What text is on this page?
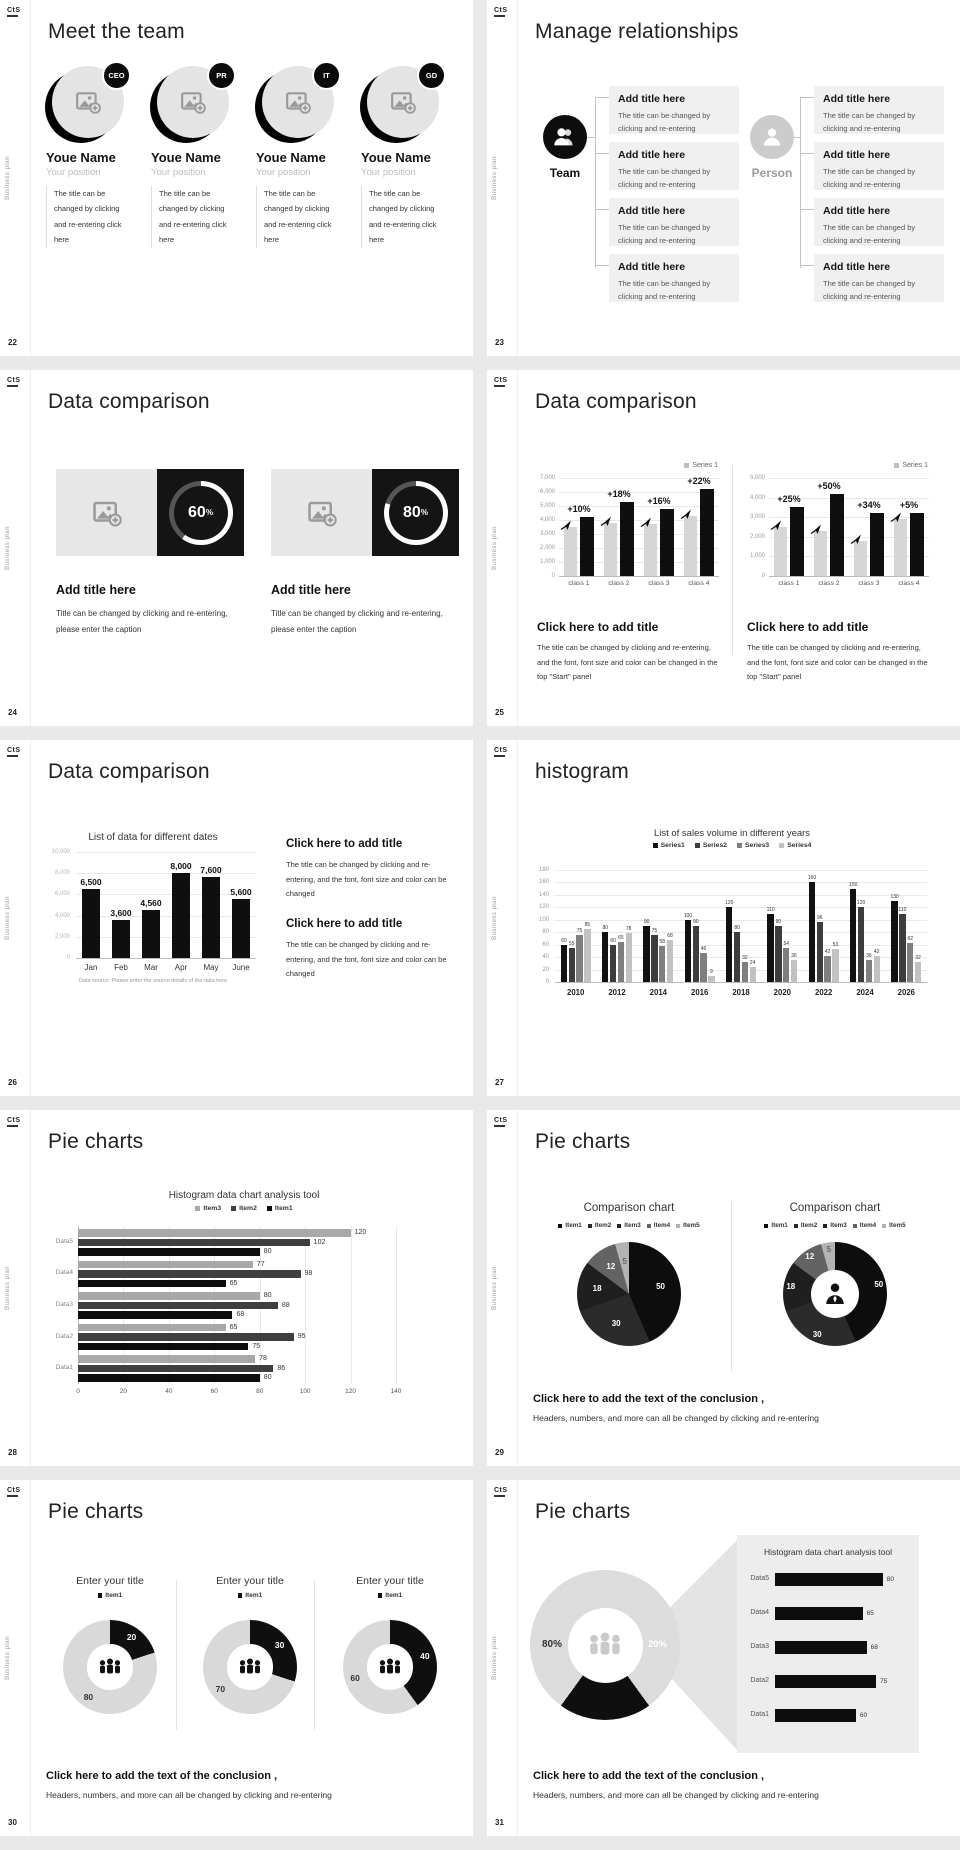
CtS
Business plan
Meet the team
CEO
Youe Name
Your position
The title can be changed by clicking and re-entering click here
PR
Youe Name
Your position
The title can be changed by clicking and re-entering click here
IT
Youe Name
Your position
The title can be changed by clicking and re-entering click here
GD
Youe Name
Your position
The title can be changed by clicking and re-entering click here
22
CtS
Business plan
Manage relationships
Team
Add title here
The title can be changed by clicking and re-entering
Add title here
The title can be changed by clicking and re-entering
Add title here
The title can be changed by clicking and re-entering
Add title here
The title can be changed by clicking and re-entering
Person
Add title here
The title can be changed by clicking and re-entering
Add title here
The title can be changed by clicking and re-entering
Add title here
The title can be changed by clicking and re-entering
Add title here
The title can be changed by clicking and re-entering
23
CtS
Business plan
Data comparison
60 %	80 %
Add title here
Title can be changed by clicking and re-entering, please enter the caption
Add title here
Title can be changed by clicking and re-entering, please enter the caption
24
CtS
Business plan
Data comparison
Series 1
7,000
6,000
5,000
4,000
3,000
2,000
1,000
0
+10%
class 1
+18%
class 2
+16%
class 3
+22%
class 4
Series 1
5,000
4,000
3,000
2,000
1,000
0
+25%
class 1
+50%
class 2
+34%
class 3
+5%
class 4
Click here to add title
The title can be changed by clicking and re-entering, and the font, font size and color can be changed in the top "Start" panel
Click here to add title
The title can be changed by clicking and re-entering, and the font, font size and color can be changed in the top "Start" panel
25
CtS
Business plan
Data comparison
List of data for different dates
10,000
8,000
6,000
4,000
2,000
0
6,500
Jan
3,600
Feb
4,560
Mar
8,000
Apr
7,600
May
5,600
June
Data source: Please enter the source details of the data here
Click here to add title
The title can be changed by clicking and re-entering, and the font, font size and color can be changed
Click here to add title
The title can be changed by clicking and re-entering, and the font, font size and color can be changed
26
CtS
Business plan
histogram
List of sales volume in different years
Series1	Series2	Series3	Series4
180
160
140
120
100
80
60
40
20
0
60
55
75
85
2010
80
60
65
78
2012
90
75
58
68
2014
100
90
46
9
2016
120
80
32
24
2018
110
90
54
36
2020
160
96
42
53
2022
150
120
36
42
2024
130
110
62
32
2026
27
CtS
Business plan
Pie charts
Histogram data chart analysis tool
Item3	Item2	Item1
0	20	40	60	80	100	120	140
Data5
120
102
80
Data4
77
98
65
Data3
80
88
68
Data2
65
95
75
Data1
78
86
80
28
CtS
Business plan
Pie charts
Comparison chart
Item1 Item2 Item3 Item4 Item5
50
30
18
12
5
Comparison chart
Item1 Item2 Item3 Item4 Item5
50
30
18
12
5
Click here to add the text of the conclusion ,
Headers, numbers, and more can all be changed by clicking and re-entering
29
CtS
Business plan
Pie charts
Enter your title
Item1
20
80
Enter your title
Item1
30
70
Enter your title
Item1
40
60
Click here to add the text of the conclusion ,
Headers, numbers, and more can all be changed by clicking and re-entering
30
CtS
Business plan
Pie charts
80%	20%
Histogram data chart analysis tool
Data5	80
Data4	65
Data3	68
Data2	75
Data1	60
Click here to add the text of the conclusion ,
Headers, numbers, and more can all be changed by clicking and re-entering
31
